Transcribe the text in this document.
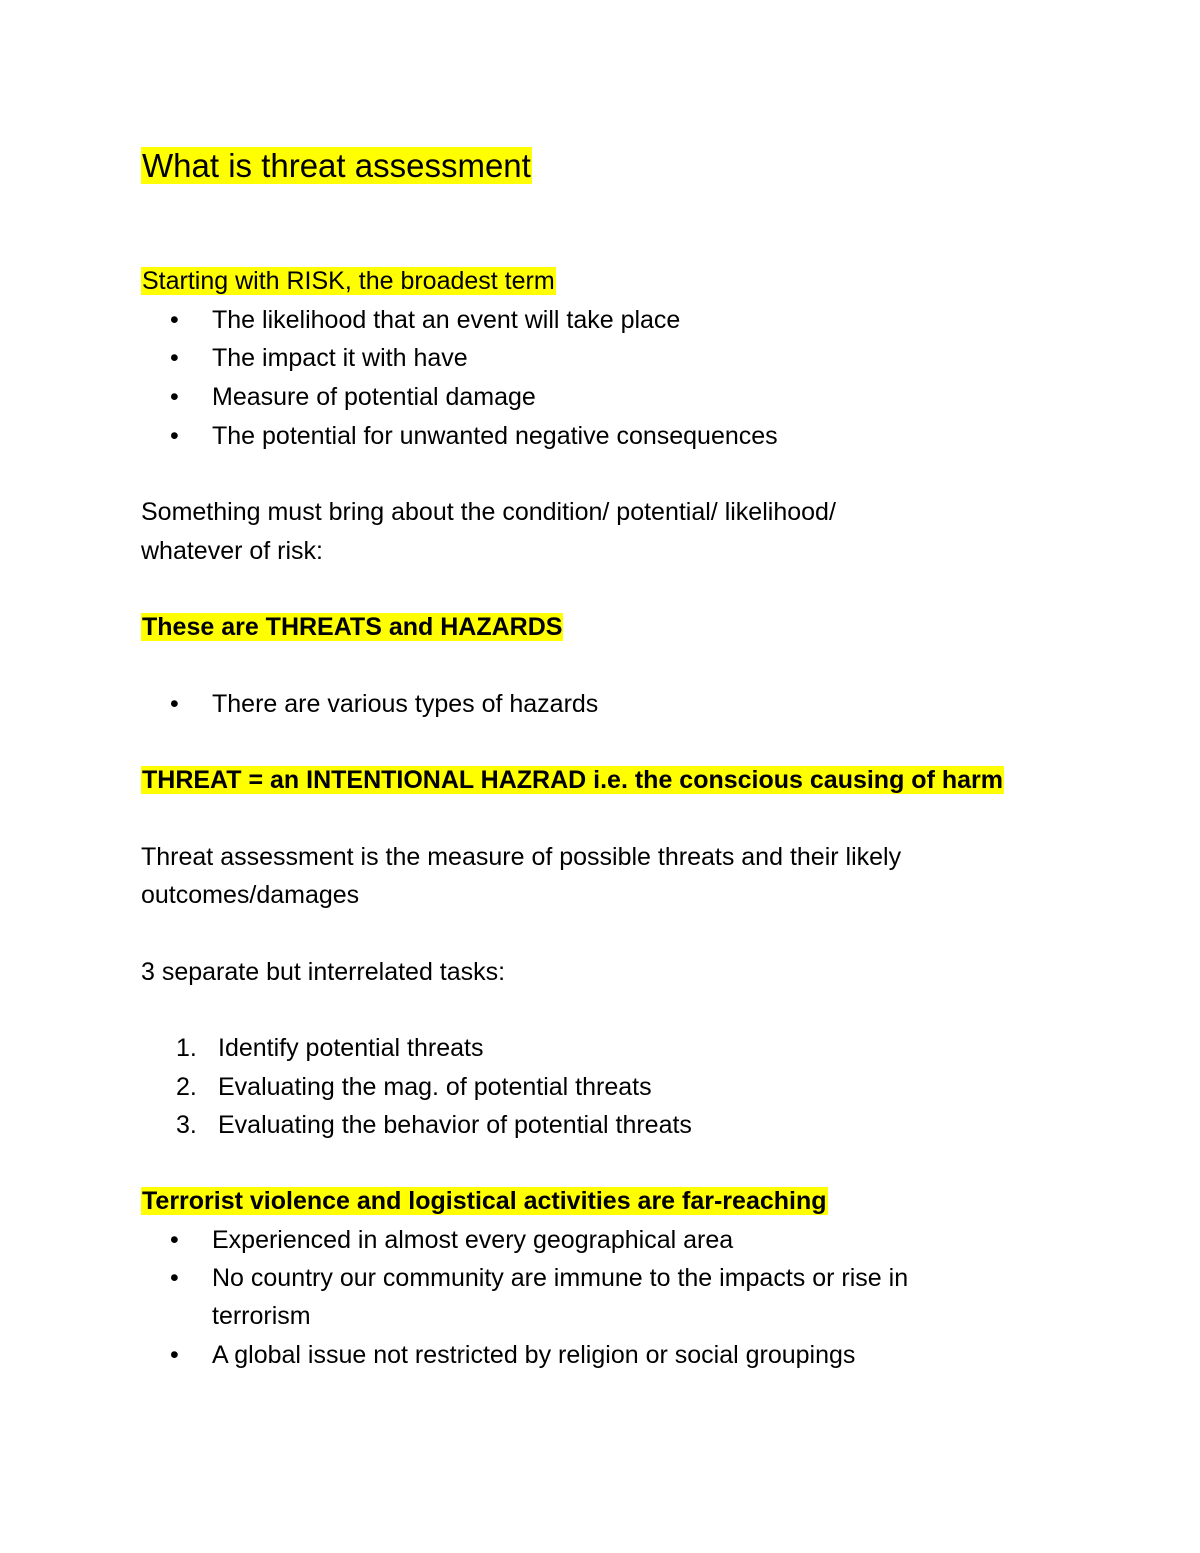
What is threat assessment
Starting with RISK, the broadest term
• The likelihood that an event will take place
• The impact it with have
• Measure of potential damage
• The potential for unwanted negative consequences
Something must bring about the condition/ potential/ likelihood/
whatever of risk:
These are THREATS and HAZARDS
• There are various types of hazards
THREAT = an INTENTIONAL HAZRAD i.e. the conscious causing of harm
Threat assessment is the measure of possible threats and their likely
outcomes/damages
3 separate but interrelated tasks:
1. Identify potential threats
2. Evaluating the mag. of potential threats
3. Evaluating the behavior of potential threats
Terrorist violence and logistical activities are far-reaching
• Experienced in almost every geographical area
• No country our community are immune to the impacts or rise in
terrorism
• A global issue not restricted by religion or social groupings
